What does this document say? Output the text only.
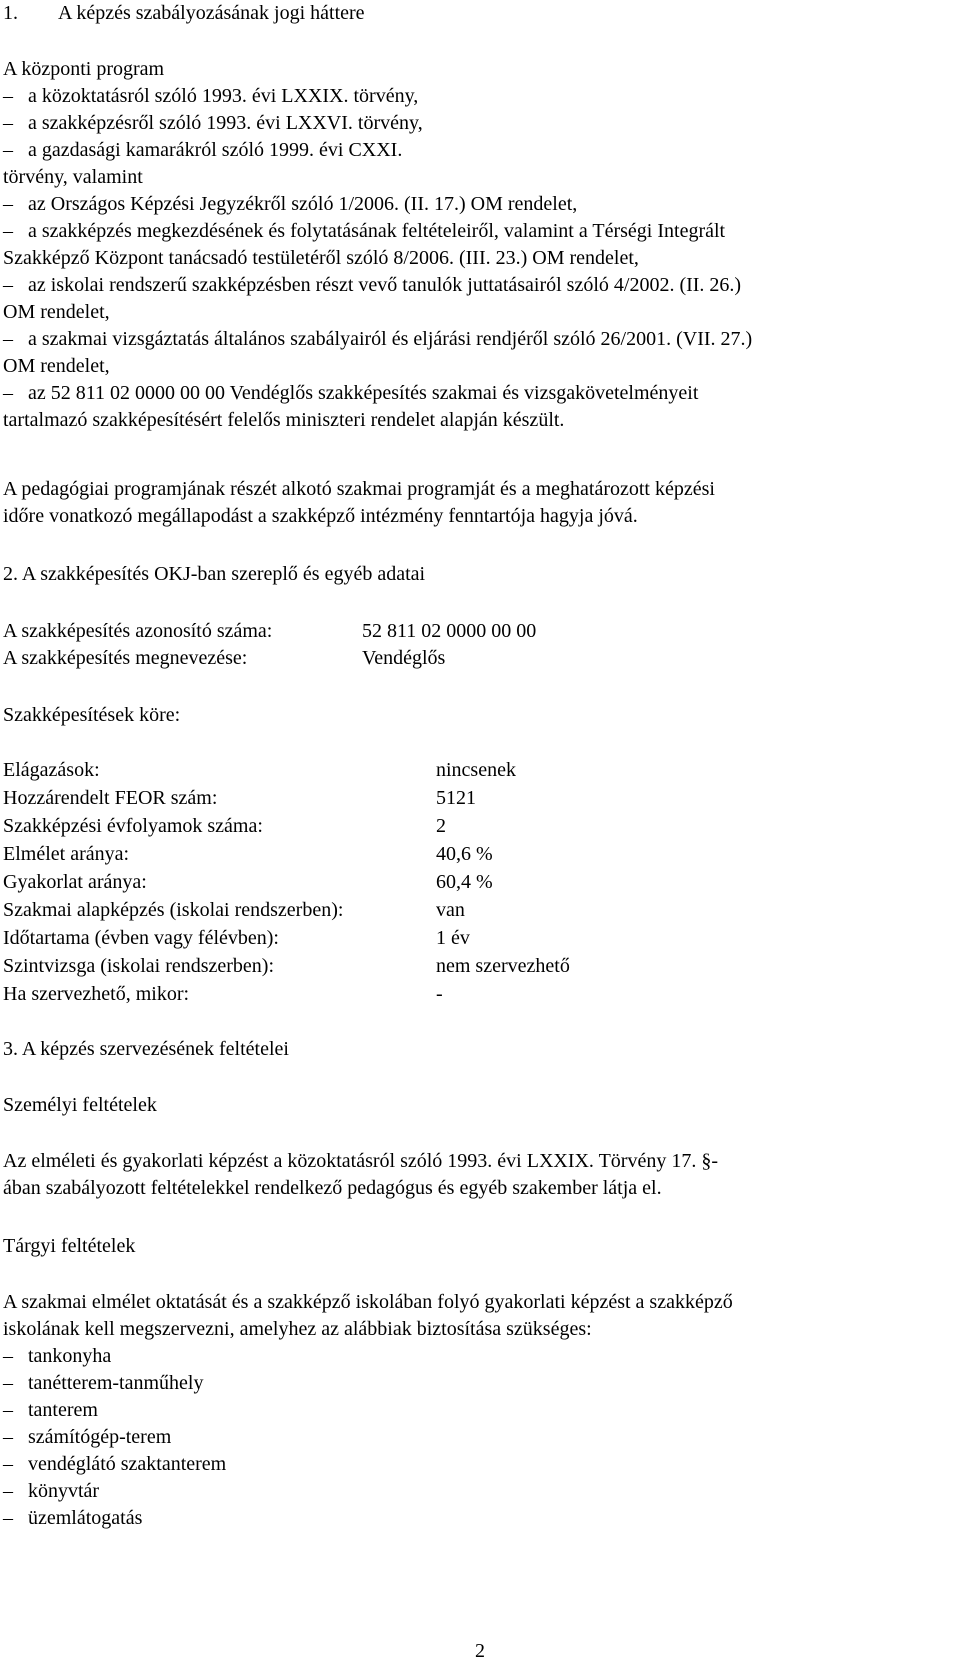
1.        A képzés szabályozásának jogi háttere
A központi program
–   a közoktatásról szóló 1993. évi LXXIX. törvény,
–   a szakképzésről szóló 1993. évi LXXVI. törvény,
–   a gazdasági kamarákról szóló 1999. évi CXXI.
törvény, valamint
–   az Országos Képzési Jegyzékről szóló 1/2006. (II. 17.) OM rendelet,
–   a szakképzés megkezdésének és folytatásának feltételeiről, valamint a Térségi Integrált
Szakképző Központ tanácsadó testületéről szóló 8/2006. (III. 23.) OM rendelet,
–   az iskolai rendszerű szakképzésben részt vevő tanulók juttatásairól szóló 4/2002. (II. 26.)
OM rendelet,
–   a szakmai vizsgáztatás általános szabályairól és eljárási rendjéről szóló 26/2001. (VII. 27.)
OM rendelet,
–   az 52 811 02 0000 00 00 Vendéglős szakképesítés szakmai és vizsgakövetelményeit
tartalmazó szakképesítésért felelős miniszteri rendelet alapján készült.
A pedagógiai programjának részét alkotó szakmai programját és a meghatározott képzési
időre vonatkozó megállapodást a szakképző intézmény fenntartója hagyja jóvá.
2. A szakképesítés OKJ-ban szereplő és egyéb adatai
A szakképesítés azonosító száma:	52 811 02 0000 00 00
A szakképesítés megnevezése:	Vendéglős
Szakképesítések köre:
Elágazások:	nincsenek
Hozzárendelt FEOR szám:	5121
Szakképzési évfolyamok száma:	2
Elmélet aránya:	40,6 %
Gyakorlat aránya:	60,4 %
Szakmai alapképzés (iskolai rendszerben):	van
Időtartama (évben vagy félévben):	1 év
Szintvizsga (iskolai rendszerben):	nem szervezhető
Ha szervezhető, mikor:	-
3. A képzés szervezésének feltételei
Személyi feltételek
Az elméleti és gyakorlati képzést a közoktatásról szóló 1993. évi LXXIX. Törvény 17. §-
ában szabályozott feltételekkel rendelkező pedagógus és egyéb szakember látja el.
Tárgyi feltételek
A szakmai elmélet oktatását és a szakképző iskolában folyó gyakorlati képzést a szakképző
iskolának kell megszervezni, amelyhez az alábbiak biztosítása szükséges:
–   tankonyha
–   tanétterem-tanműhely
–   tanterem
–   számítógép-terem
–   vendéglátó szaktanterem
–   könyvtár
–   üzemlátogatás
2
